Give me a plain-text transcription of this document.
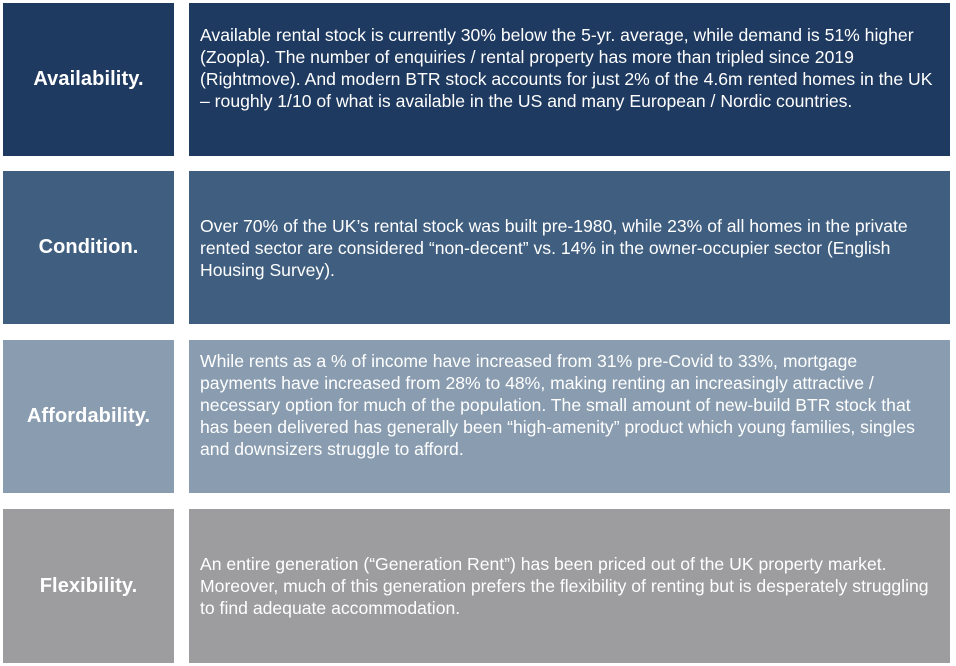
Availability.

Available rental stock is currently 30% below the 5-yr. average, while demand is 51% higher (Zoopla). The number of enquiries / rental property has more than tripled since 2019 (Rightmove). And modern BTR stock accounts for just 2% of the 4.6m rented homes in the UK – roughly 1/10 of what is available in the US and many European / Nordic countries.

Condition.

Over 70% of the UK’s rental stock was built pre-1980, while 23% of all homes in the private rented sector are considered “non-decent” vs. 14% in the owner-occupier sector (English Housing Survey).

Affordability.

While rents as a % of income have increased from 31% pre-Covid to 33%, mortgage payments have increased from 28% to 48%, making renting an increasingly attractive / necessary option for much of the population. The small amount of new-build BTR stock that has been delivered has generally been “high-amenity” product which young families, singles and downsizers struggle to afford.

Flexibility.

An entire generation (“Generation Rent”) has been priced out of the UK property market. Moreover, much of this generation prefers the flexibility of renting but is desperately struggling to find adequate accommodation.
